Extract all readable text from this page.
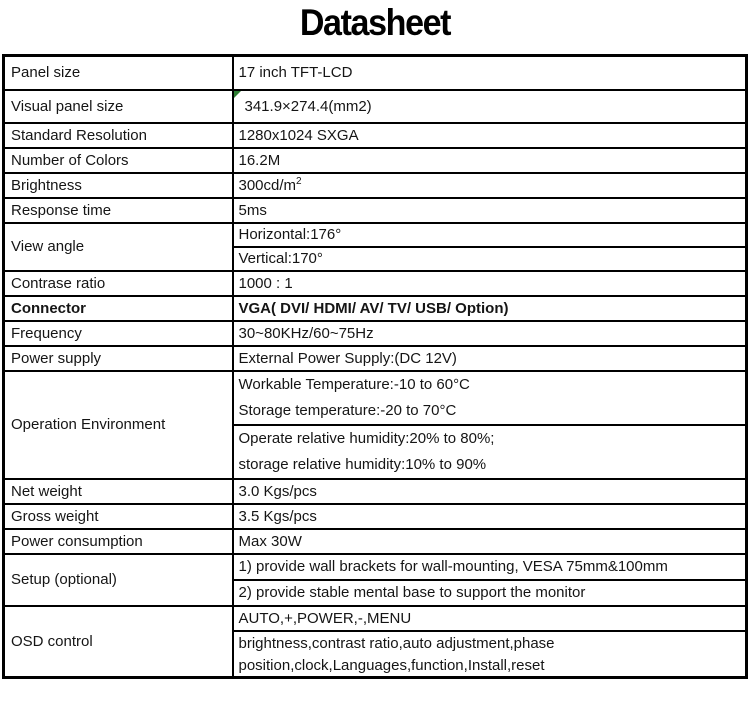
Datasheet
Panel size	17 inch TFT-LCD
Visual panel size	341.9×274.4(mm2)
Standard Resolution	1280x1024 SXGA
Number of Colors	16.2M
Brightness	$300cd/m^2$
Response time	5ms
View angle	Horizontal:176°
	Vertical:170°
Contrase ratio	1000 : 1
Connector	VGA( DVI/ HDMI/ AV/ TV/ USB/ Option)
Frequency	30~80KHz/60~75Hz
Power supply	External Power Supply:(DC 12V)
Operation Environment	Workable Temperature:-10 to 60°C
Storage temperature:-20 to 70°C

	Operate relative humidity:20% to 80%;
storage relative humidity:10% to 90%

Net weight	3.0 Kgs/pcs
Gross weight	3.5 Kgs/pcs
Power consumption	Max 30W
Setup (optional)	1) provide wall brackets for wall-mounting, VESA 75mm&100mm
	2) provide stable mental base to support the monitor
OSD control	AUTO,+,POWER,-,MENU

	brightness,contrast ratio,auto adjustment,phase
position,clock,Languages,function,Install,reset
